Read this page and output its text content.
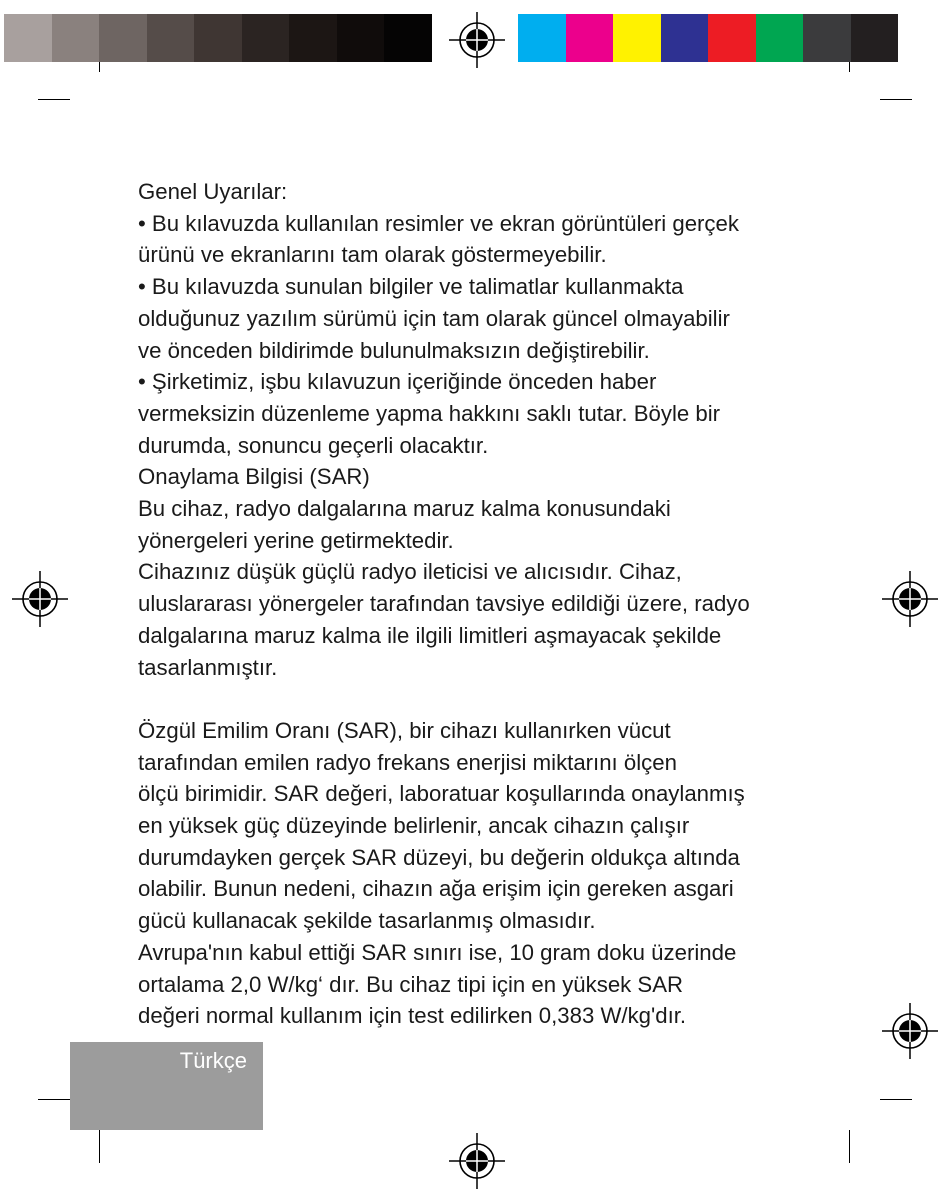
Genel Uyarılar:

• Bu kılavuzda kullanılan resimler ve ekran görüntüleri gerçek

ürünü ve ekranlarını tam olarak göstermeyebilir.

• Bu kılavuzda sunulan bilgiler ve talimatlar kullanmakta

olduğunuz yazılım sürümü için tam olarak güncel olmayabilir

ve önceden bildirimde bulunulmaksızın değiştirebilir.

• Şirketimiz, işbu kılavuzun içeriğinde önceden haber

vermeksizin düzenleme yapma hakkını saklı tutar. Böyle bir

durumda, sonuncu geçerli olacaktır.

Onaylama Bilgisi (SAR)

Bu cihaz, radyo dalgalarına maruz kalma konusundaki

yönergeleri yerine getirmektedir.

Cihazınız düşük güçlü radyo ileticisi ve alıcısıdır. Cihaz,

uluslararası yönergeler tarafından tavsiye edildiği üzere, radyo

dalgalarına maruz kalma ile ilgili limitleri aşmayacak şekilde

tasarlanmıştır.

Özgül Emilim Oranı (SAR), bir cihazı kullanırken vücut

tarafından emilen radyo frekans enerjisi miktarını ölçen

ölçü birimidir. SAR değeri, laboratuar koşullarında onaylanmış

en yüksek güç düzeyinde belirlenir, ancak cihazın çalışır

durumdayken gerçek SAR düzeyi, bu değerin oldukça altında

olabilir. Bunun nedeni, cihazın ağa erişim için gereken asgari

gücü kullanacak şekilde tasarlanmış olmasıdır.

Avrupa'nın kabul ettiği SAR sınırı ise, 10 gram doku üzerinde

ortalama 2,0 W/kg‘ dır. Bu cihaz tipi için en yüksek SAR

değeri normal kullanım için test edilirken 0,383 W/kg'dır.

Türkçe
